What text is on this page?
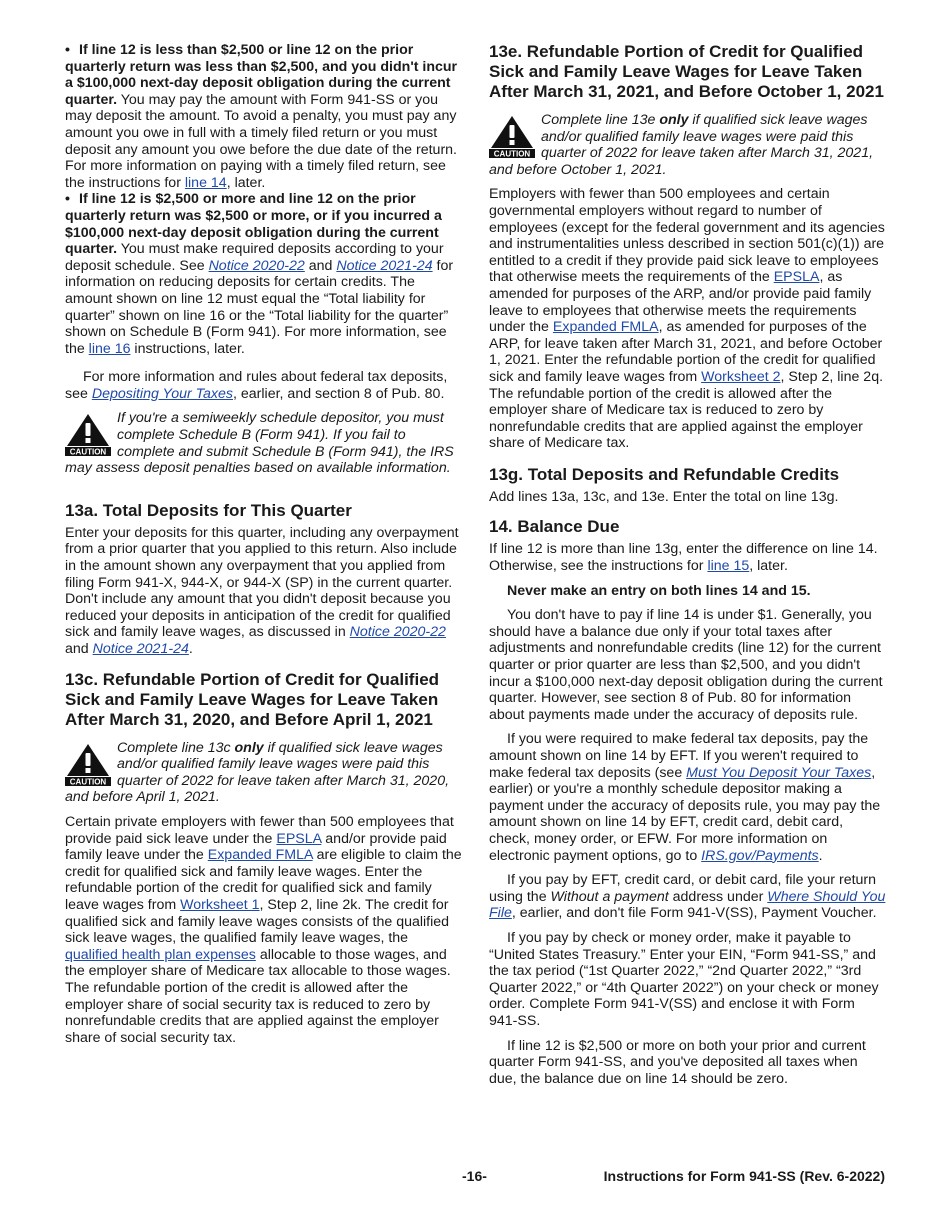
• If line 12 is less than $2,500 or line 12 on the prior quarterly return was less than $2,500, and you didn't incur a $100,000 next-day deposit obligation during the current quarter. You may pay the amount with Form 941-SS or you may deposit the amount. To avoid a penalty, you must pay any amount you owe in full with a timely filed return or you must deposit any amount you owe before the due date of the return. For more information on paying with a timely filed return, see the instructions for line 14, later.

• If line 12 is $2,500 or more and line 12 on the prior quarterly return was $2,500 or more, or if you incurred a $100,000 next-day deposit obligation during the current quarter. You must make required deposits according to your deposit schedule. See Notice 2020-22 and Notice 2021-24 for information on reducing deposits for certain credits. The amount shown on line 12 must equal the “Total liability for quarter” shown on line 16 or the “Total liability for the quarter” shown on Schedule B (Form 941). For more information, see the line 16 instructions, later.

For more information and rules about federal tax deposits, see Depositing Your Taxes, earlier, and section 8 of Pub. 80.

CAUTION

If you're a semiweekly schedule depositor, you must complete Schedule B (Form 941). If you fail to complete and submit Schedule B (Form 941), the IRS may assess deposit penalties based on available information.

13a. Total Deposits for This Quarter

Enter your deposits for this quarter, including any overpayment from a prior quarter that you applied to this return. Also include in the amount shown any overpayment that you applied from filing Form 941-X, 944-X, or 944-X (SP) in the current quarter. Don't include any amount that you didn't deposit because you reduced your deposits in anticipation of the credit for qualified sick and family leave wages, as discussed in Notice 2020-22 and Notice 2021-24.

13c. Refundable Portion of Credit for Qualified Sick and Family Leave Wages for Leave Taken After March 31, 2020, and Before April 1, 2021
CAUTION

Complete line 13c only if qualified sick leave wages and/or qualified family leave wages were paid this quarter of 2022 for leave taken after March 31, 2020, and before April 1, 2021.

Certain private employers with fewer than 500 employees that provide paid sick leave under the EPSLA and/or provide paid family leave under the Expanded FMLA are eligible to claim the credit for qualified sick and family leave wages. Enter the refundable portion of the credit for qualified sick and family leave wages from Worksheet 1, Step 2, line 2k. The credit for qualified sick and family leave wages consists of the qualified sick leave wages, the qualified family leave wages, the qualified health plan expenses allocable to those wages, and the employer share of Medicare tax allocable to those wages. The refundable portion of the credit is allowed after the employer share of social security tax is reduced to zero by nonrefundable credits that are applied against the employer share of social security tax.

13e. Refundable Portion of Credit for Qualified Sick and Family Leave Wages for Leave Taken After March 31, 2021, and Before October 1, 2021
CAUTION

Complete line 13e only if qualified sick leave wages and/or qualified family leave wages were paid this quarter of 2022 for leave taken after March 31, 2021, and before October 1, 2021.

Employers with fewer than 500 employees and certain governmental employers without regard to number of employees (except for the federal government and its agencies and instrumentalities unless described in section 501(c)(1)) are entitled to a credit if they provide paid sick leave to employees that otherwise meets the requirements of the EPSLA, as amended for purposes of the ARP, and/or provide paid family leave to employees that otherwise meets the requirements under the Expanded FMLA, as amended for purposes of the ARP, for leave taken after March 31, 2021, and before October 1, 2021. Enter the refundable portion of the credit for qualified sick and family leave wages from Worksheet 2, Step 2, line 2q. The refundable portion of the credit is allowed after the employer share of Medicare tax is reduced to zero by nonrefundable credits that are applied against the employer share of Medicare tax.

13g. Total Deposits and Refundable Credits

Add lines 13a, 13c, and 13e. Enter the total on line 13g.

14. Balance Due

If line 12 is more than line 13g, enter the difference on line 14. Otherwise, see the instructions for line 15, later.

Never make an entry on both lines 14 and 15.

You don't have to pay if line 14 is under $1. Generally, you should have a balance due only if your total taxes after adjustments and nonrefundable credits (line 12) for the current quarter or prior quarter are less than $2,500, and you didn't incur a $100,000 next-day deposit obligation during the current quarter. However, see section 8 of Pub. 80 for information about payments made under the accuracy of deposits rule.

If you were required to make federal tax deposits, pay the amount shown on line 14 by EFT. If you weren't required to make federal tax deposits (see Must You Deposit Your Taxes, earlier) or you're a monthly schedule depositor making a payment under the accuracy of deposits rule, you may pay the amount shown on line 14 by EFT, credit card, debit card, check, money order, or EFW. For more information on electronic payment options, go to IRS.gov/Payments.

If you pay by EFT, credit card, or debit card, file your return using the Without a payment address under Where Should You File, earlier, and don't file Form 941-V(SS), Payment Voucher.

If you pay by check or money order, make it payable to “United States Treasury.” Enter your EIN, “Form 941-SS,” and the tax period (“1st Quarter 2022,” “2nd Quarter 2022,” “3rd Quarter 2022,” or “4th Quarter 2022”) on your check or money order. Complete Form 941-V(SS) and enclose it with Form 941-SS.

If line 12 is $2,500 or more on both your prior and current quarter Form 941-SS, and you've deposited all taxes when due, the balance due on line 14 should be zero.

-16-	Instructions for Form 941-SS (Rev. 6-2022)
